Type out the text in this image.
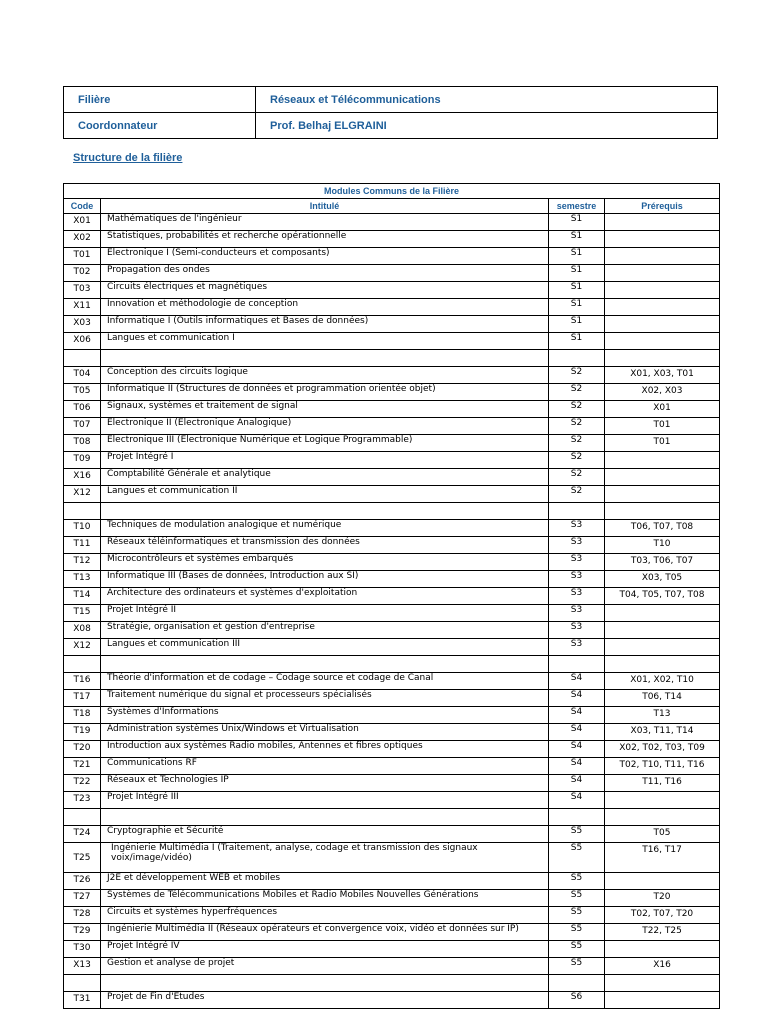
Filière	Réseaux et Télécommunications
Coordonnateur	Prof. Belhaj ELGRAINI
Structure de la filière
Modules Communs de la Filière			
Code	Intitulé	semestre	Prérequis
X01	Mathématiques de l'ingénieur	S1	
X02	Statistiques, probabilités et recherche opérationnelle	S1	
T01	Electronique I (Semi-conducteurs et composants)	S1	
T02	Propagation des ondes	S1	
T03	Circuits électriques et magnétiques	S1	
X11	Innovation et méthodologie de conception	S1	
X03	Informatique I (Outils informatiques et Bases de données)	S1	
X06	Langues et communication I	S1	

T04	Conception des circuits logique	S2	X01, X03, T01
T05	Informatique II (Structures de données et programmation orientée objet)	S2	X02, X03
T06	Signaux, systèmes et traitement de signal	S2	X01
T07	Electronique II (Electronique Analogique)	S2	T01
T08	Electronique III (Electronique Numérique et Logique Programmable)	S2	T01
T09	Projet Intégré I	S2	
X16	Comptabilité Générale et analytique	S2	
X12	Langues et communication II	S2	

T10	Techniques de modulation analogique et numérique	S3	T06, T07, T08
T11	Réseaux téléinformatiques et transmission des données	S3	T10
T12	Microcontrôleurs et systèmes embarqués	S3	T03, T06, T07
T13	Informatique III (Bases de données, Introduction aux SI)	S3	X03, T05
T14	Architecture des ordinateurs et systèmes d'exploitation	S3	T04, T05, T07, T08
T15	Projet Intégré II	S3	
X08	Stratégie, organisation et gestion d'entreprise	S3	
X12	Langues et communication III	S3	

T16	Théorie d'information et de codage – Codage source et codage de Canal	S4	X01, X02, T10
T17	Traitement numérique du signal et processeurs spécialisés	S4	T06, T14
T18	Systèmes d'Informations	S4	T13
T19	Administration systèmes Unix/Windows et Virtualisation	S4	X03, T11, T14
T20	Introduction aux systèmes Radio mobiles, Antennes et fibres optiques	S4	X02, T02, T03, T09
T21	Communications RF	S4	T02, T10, T11, T16
T22	Réseaux et Technologies IP	S4	T11, T16
T23	Projet Intégré III	S4	

T24	Cryptographie et Sécurité	S5	T05
T25	Ingénierie Multimédia I (Traitement, analyse, codage et transmission des signaux voix/image/vidéo)	S5	T16, T17
T26	J2E et développement WEB et mobiles	S5	
T27	Systèmes de Télécommunications Mobiles et Radio Mobiles Nouvelles Générations	S5	T20
T28	Circuits et systèmes hyperfréquences	S5	T02, T07, T20
T29	Ingénierie Multimédia II (Réseaux opérateurs et convergence voix, vidéo et données sur IP)	S5	T22, T25
T30	Projet Intégré IV	S5	
X13	Gestion et analyse de projet	S5	X16

T31	Projet de Fin d'Etudes	S6	
